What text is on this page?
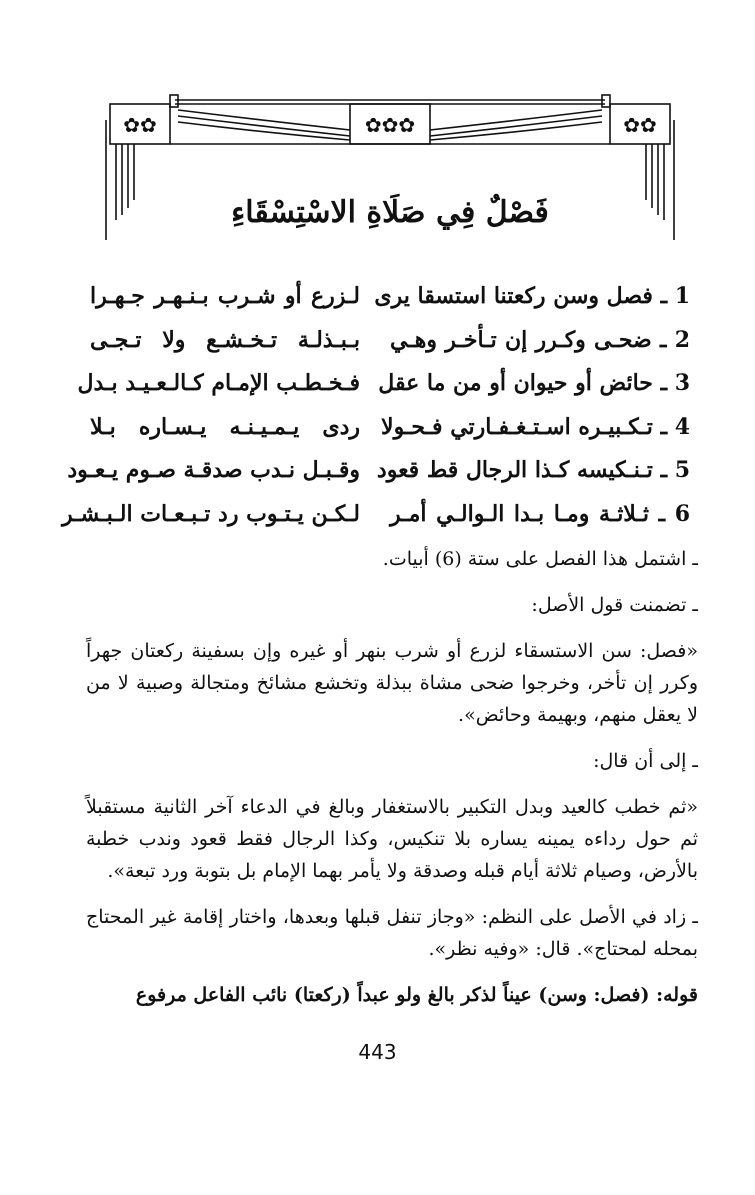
✿✿	✿✿
✿✿✿
فَصْلٌ فِي صَلَاةِ الاسْتِسْقَاءِ
1 ـ فصل وسن ركعتنا استسقا يرى
لـزرع أو شـرب بـنـهـر جـهـرا
2 ـ ضحـى وكـرر إن تـأخـر وهـي
بـبـذلـة تـخـشـع ولا تـجـى
3 ـ حائض أو حيوان أو من ما عقل
فـخـطـب الإمـام كـالـعـيـد بـدل
4 ـ تـكـبيـره اسـتـغـفـارتي فـحـولا
ردى يـمـيـنـه يـسـاره بـلا
5 ـ تـنـكيسه كـذا الرجال قط قعود
وقـبـل نـدب صدقـة صـوم يـعـود
6 ـ ثـلاثـة ومـا بـدا الـوالـي أمـر
لـكـن يـتـوب رد تـبـعـات الـبـشـر

ـ اشتمل هذا الفصل على ستة (6) أبيات.

ـ تضمنت قول الأصل:

«فصل: سن الاستسقاء لزرع أو شرب بنهر أو غيره وإن بسفينة ركعتان جهراً وكرر إن تأخر، وخرجوا ضحى مشاة ببذلة وتخشع مشائخ ومتجالة وصبية لا من لا يعقل منهم، وبهيمة وحائض».

ـ إلى أن قال:

«ثم خطب كالعيد وبدل التكبير بالاستغفار وبالغ في الدعاء آخر الثانية مستقبلاً ثم حول رداءه يمينه يساره بلا تنكيس، وكذا الرجال فقط قعود وندب خطبة بالأرض، وصيام ثلاثة أيام قبله وصدقة ولا يأمر بهما الإمام بل بتوبة ورد تبعة».

ـ زاد في الأصل على النظم: «وجاز تنفل قبلها وبعدها، واختار إقامة غير المحتاج بمحله لمحتاج». قال: «وفيه نظر».

قوله: (فصل: وسن) عيناً لذكر بالغ ولو عبداً (ركعتا) نائب الفاعل مرفوع

443
